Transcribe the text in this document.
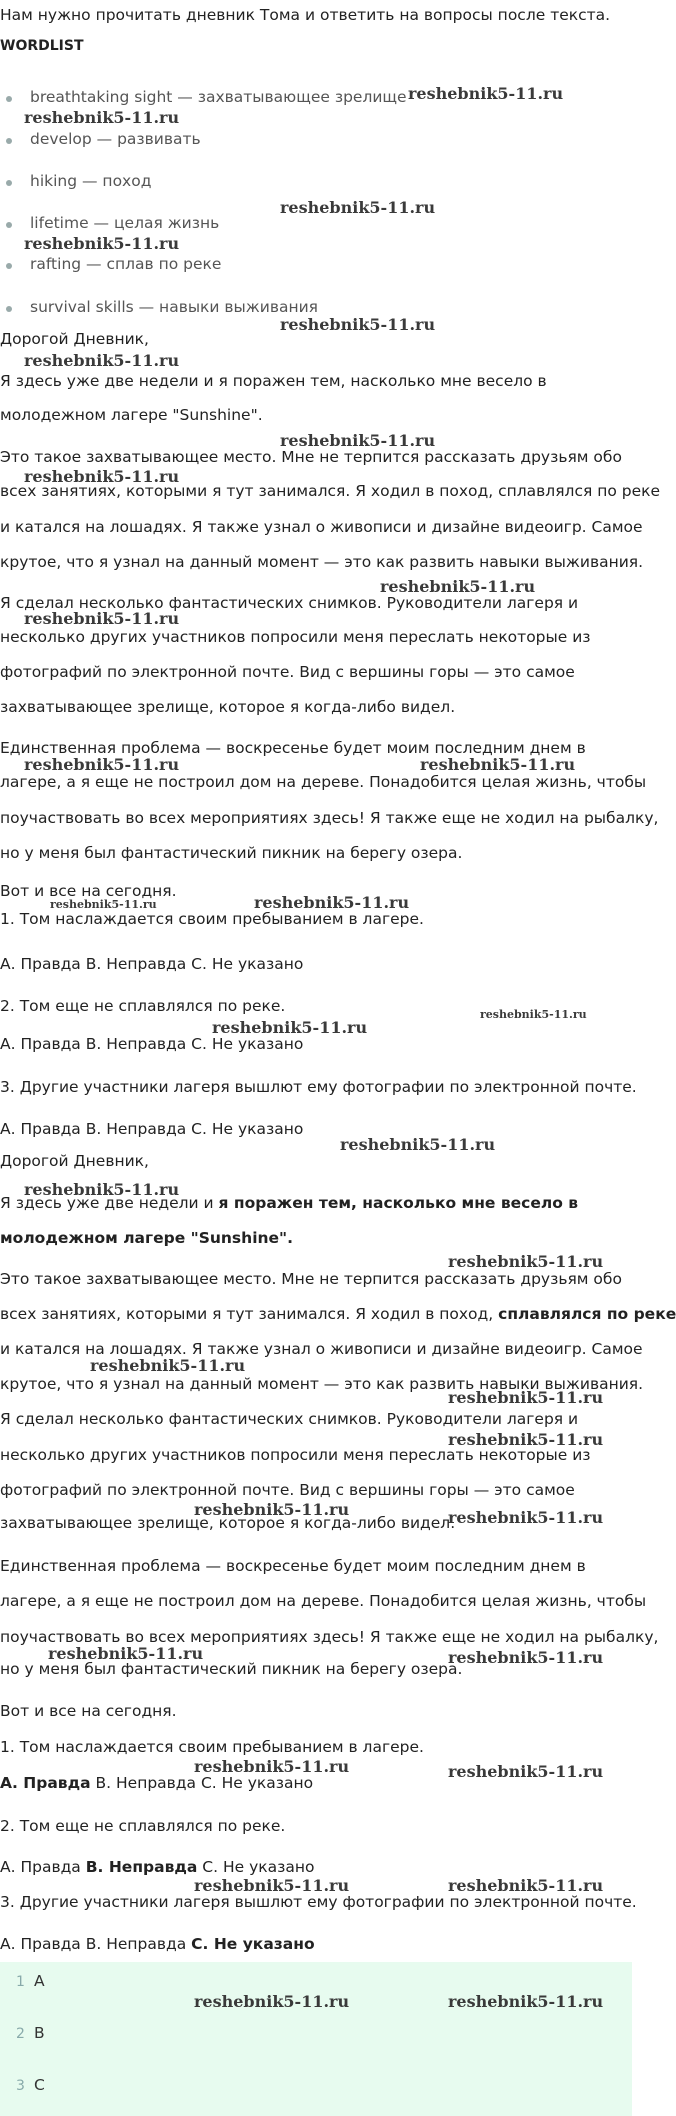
Нам нужно прочитать дневник Тома и ответить на вопросы после текста.
WORDLIST
breathtaking sight — захватывающее зрелище
develop — развивать
hiking — поход
lifetime — целая жизнь
rafting — сплав по реке
survival skills — навыки выживания
Дорогой Дневник,
Я здесь уже две недели и я поражен тем, насколько мне весело в
молодежном лагере "Sunshine".
Это такое захватывающее место. Мне не терпится рассказать друзьям обо
всех занятиях, которыми я тут занимался. Я ходил в поход, сплавлялся по реке
и катался на лошадях. Я также узнал о живописи и дизайне видеоигр. Самое
крутое, что я узнал на данный момент — это как развить навыки выживания.
Я сделал несколько фантастических снимков. Руководители лагеря и
несколько других участников попросили меня переслать некоторые из
фотографий по электронной почте. Вид с вершины горы — это самое
захватывающее зрелище, которое я когда-либо видел.
Единственная проблема — воскресенье будет моим последним днем в
лагере, а я еще не построил дом на дереве. Понадобится целая жизнь, чтобы
поучаствовать во всех мероприятиях здесь! Я также еще не ходил на рыбалку,
но у меня был фантастический пикник на берегу озера.
Вот и все на сегодня.
1. Том наслаждается своим пребыванием в лагере.
А. Правда В. Неправда С. Не указано
2. Том еще не сплавлялся по реке.
А. Правда В. Неправда С. Не указано
3. Другие участники лагеря вышлют ему фотографии по электронной почте.
А. Правда В. Неправда С. Не указано
Дорогой Дневник,
Я здесь уже две недели и я поражен тем, насколько мне весело в
молодежном лагере "Sunshine".
Это такое захватывающее место. Мне не терпится рассказать друзьям обо
всех занятиях, которыми я тут занимался. Я ходил в поход, сплавлялся по реке
и катался на лошадях. Я также узнал о живописи и дизайне видеоигр. Самое
крутое, что я узнал на данный момент — это как развить навыки выживания.
Я сделал несколько фантастических снимков. Руководители лагеря и
несколько других участников попросили меня переслать некоторые из
фотографий по электронной почте. Вид с вершины горы — это самое
захватывающее зрелище, которое я когда-либо видел.
Единственная проблема — воскресенье будет моим последним днем в
лагере, а я еще не построил дом на дереве. Понадобится целая жизнь, чтобы
поучаствовать во всех мероприятиях здесь! Я также еще не ходил на рыбалку,
но у меня был фантастический пикник на берегу озера.
Вот и все на сегодня.
1. Том наслаждается своим пребыванием в лагере.
А. Правда В. Неправда С. Не указано
2. Том еще не сплавлялся по реке.
А. Правда В. Неправда С. Не указано
3. Другие участники лагеря вышлют ему фотографии по электронной почте.
А. Правда В. Неправда С. Не указано
1 A
2 B
3 C
reshebnik5-11.ru
reshebnik5-11.ru
reshebnik5-11.ru
reshebnik5-11.ru
reshebnik5-11.ru
reshebnik5-11.ru
reshebnik5-11.ru
reshebnik5-11.ru
reshebnik5-11.ru
reshebnik5-11.ru
reshebnik5-11.ru	reshebnik5-11.ru
reshebnik5-11.ru	reshebnik5-11.ru
reshebnik5-11.ru
reshebnik5-11.ru
reshebnik5-11.ru
reshebnik5-11.ru
reshebnik5-11.ru
reshebnik5-11.ru
reshebnik5-11.ru
reshebnik5-11.ru
reshebnik5-11.ru	reshebnik5-11.ru
reshebnik5-11.ru	reshebnik5-11.ru
reshebnik5-11.ru	reshebnik5-11.ru
reshebnik5-11.ru	reshebnik5-11.ru
reshebnik5-11.ru	reshebnik5-11.ru
